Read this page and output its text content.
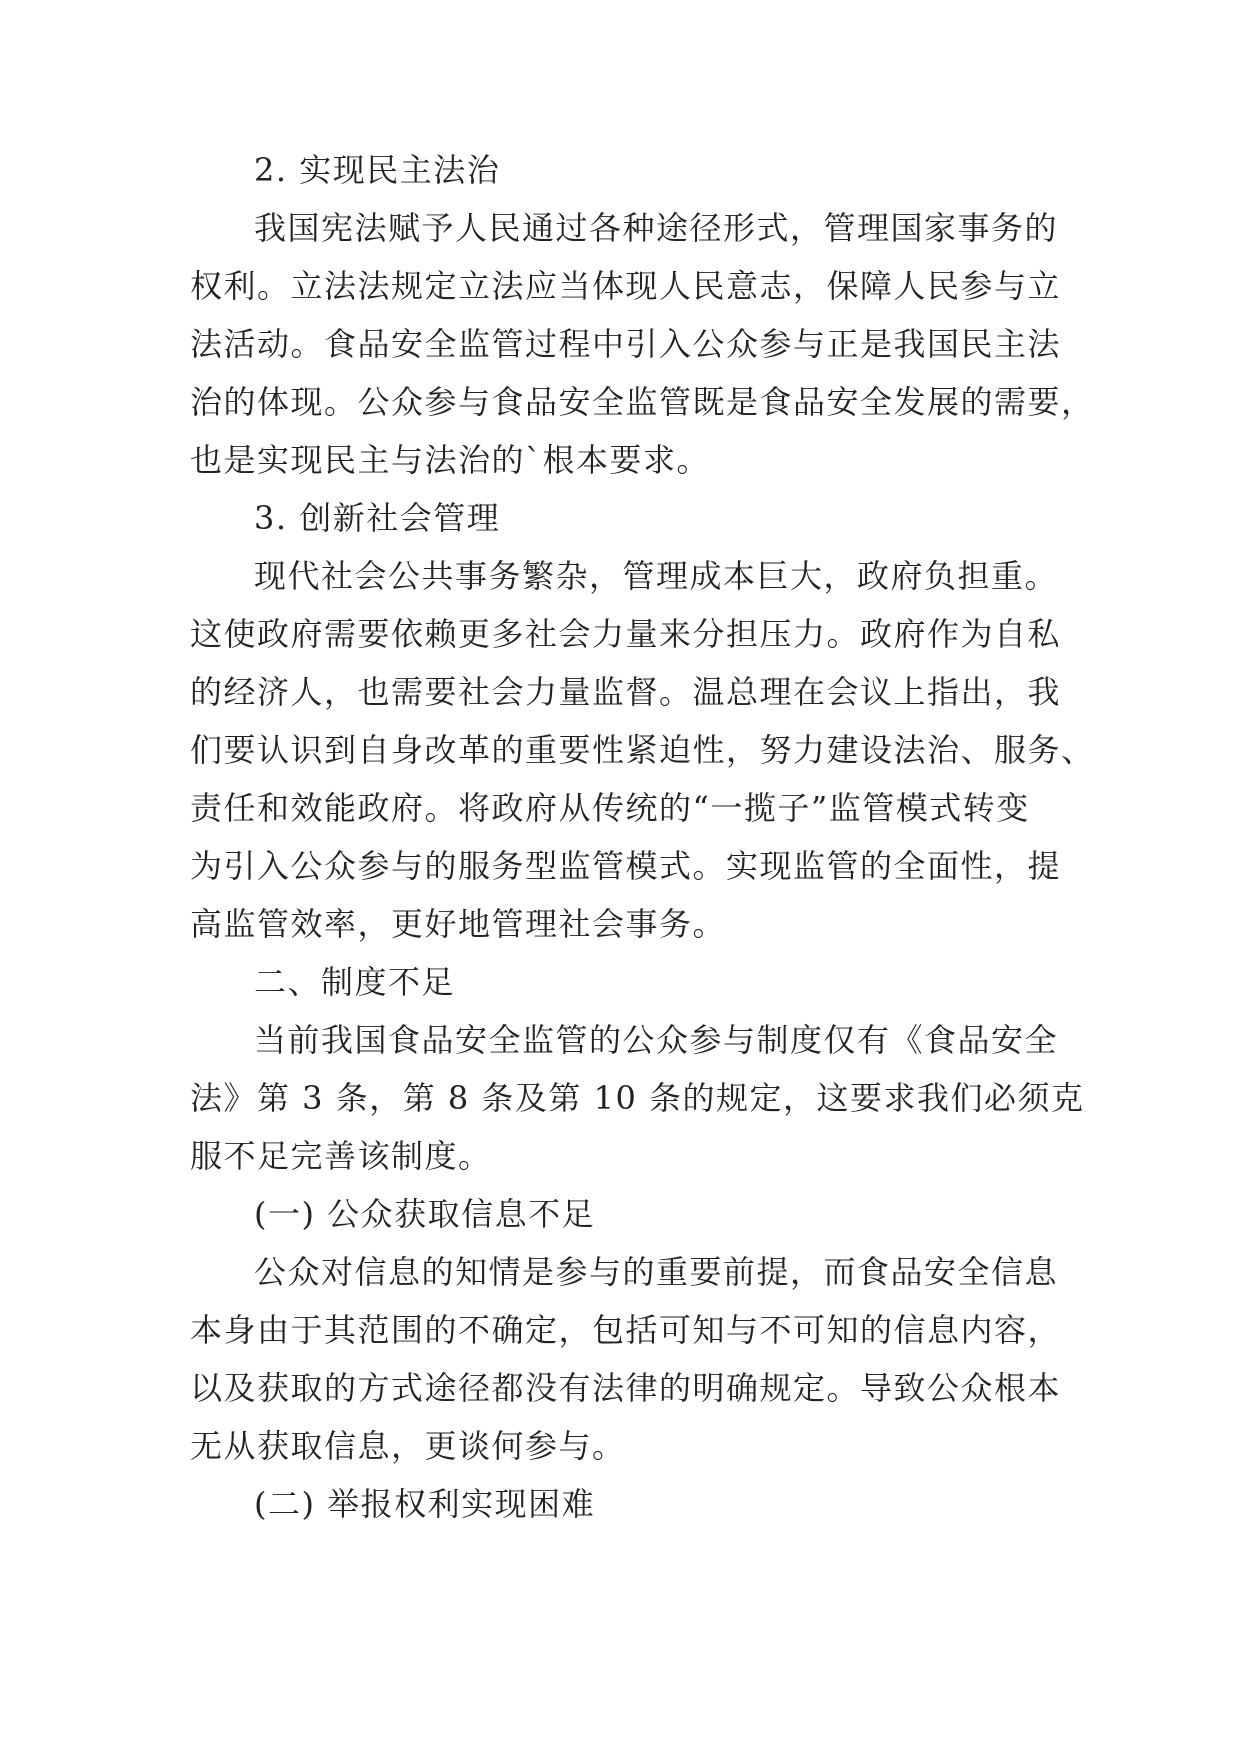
2. 实现民主法治
我国宪法赋予人民通过各种途径形式，管理国家事务的
权利。立法法规定立法应当体现人民意志，保障人民参与立
法活动。食品安全监管过程中引入公众参与正是我国民主法
治的体现。公众参与食品安全监管既是食品安全发展的需要，
也是实现民主与法治的`根本要求。
3. 创新社会管理
现代社会公共事务繁杂，管理成本巨大，政府负担重。
这使政府需要依赖更多社会力量来分担压力。政府作为自私
的经济人，也需要社会力量监督。温总理在会议上指出，我
们要认识到自身改革的重要性紧迫性，努力建设法治、服务、
责任和效能政府。将政府从传统的“一揽子”监管模式转变
为引入公众参与的服务型监管模式。实现监管的全面性，提
高监管效率，更好地管理社会事务。
二、制度不足
当前我国食品安全监管的公众参与制度仅有《食品安全
法》第 3 条，第 8 条及第 10 条的规定，这要求我们必须克
服不足完善该制度。
(一) 公众获取信息不足
公众对信息的知情是参与的重要前提，而食品安全信息
本身由于其范围的不确定，包括可知与不可知的信息内容，
以及获取的方式途径都没有法律的明确规定。导致公众根本
无从获取信息，更谈何参与。
(二) 举报权利实现困难
